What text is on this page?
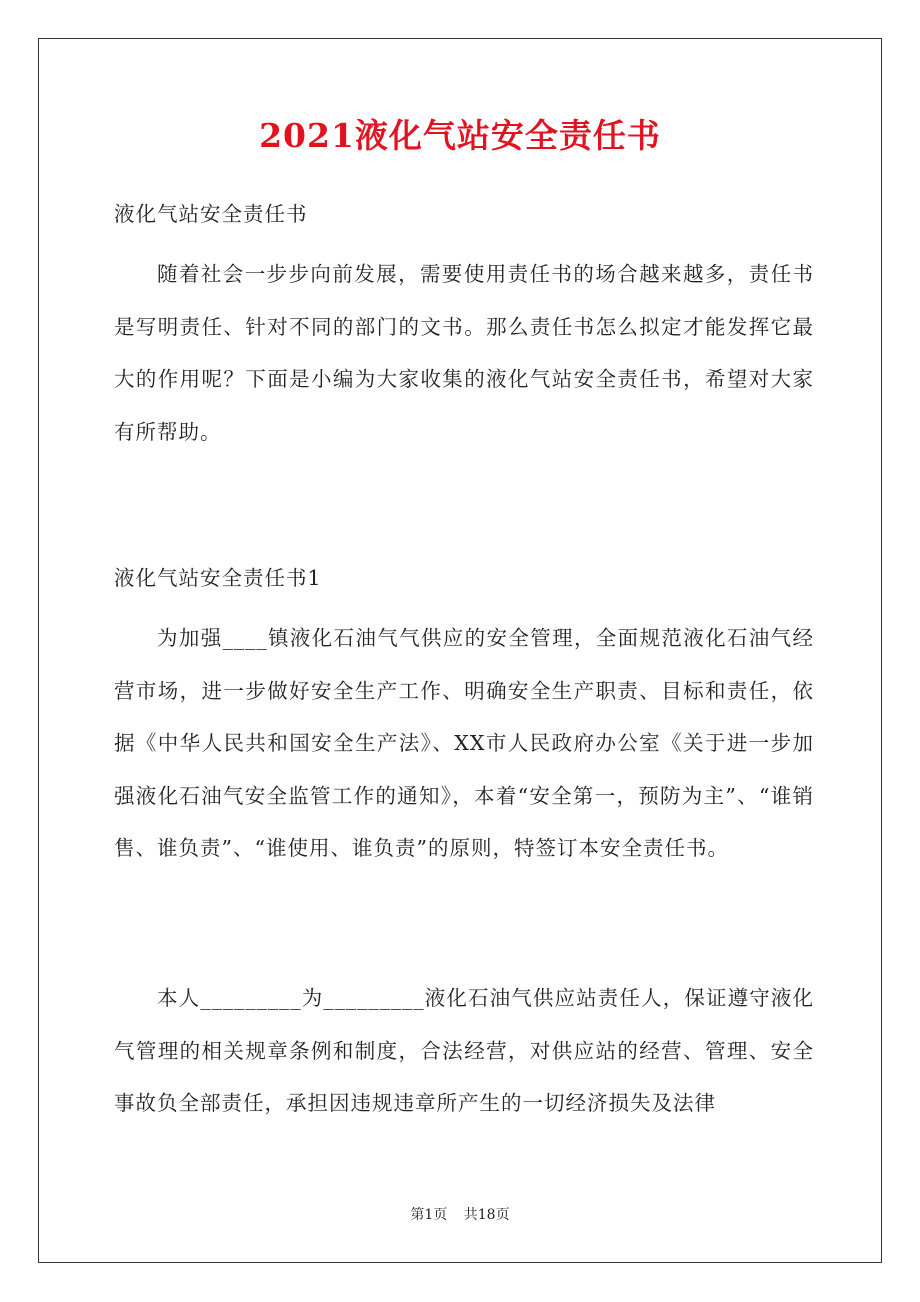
2021液化气站安全责任书
液化气站安全责任书
随着社会一步步向前发展，需要使用责任书的场合越来越多，责任书是写明责任、针对不同的部门的文书。那么责任书怎么拟定才能发挥它最大的作用呢？下面是小编为大家收集的液化气站安全责任书，希望对大家有所帮助。
液化气站安全责任书1
为加强____镇液化石油气气供应的安全管理，全面规范液化石油气经营市场，进一步做好安全生产工作、明确安全生产职责、目标和责任，依据《中华人民共和国安全生产法》、XX市人民政府办公室《关于进一步加强液化石油气安全监管工作的通知》，本着“安全第一，预防为主”、“谁销售、谁负责”、“谁使用、谁负责”的原则，特签订本安全责任书。
本人_________为_________液化石油气供应站责任人，保证遵守液化气管理的相关规章条例和制度，合法经营，对供应站的经营、管理、安全事故负全部责任，承担因违规违章所产生的一切经济损失及法律
第1页 共18页
